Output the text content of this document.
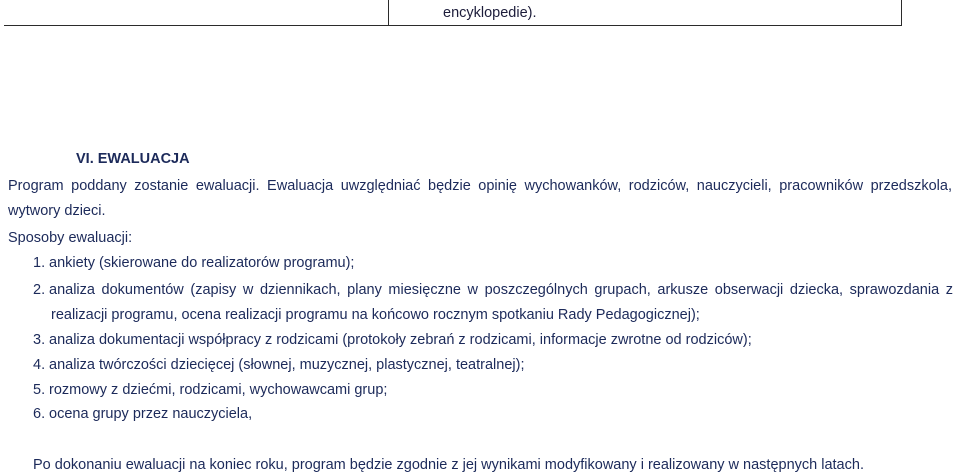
encyklopedie).
VI. EWALUACJA
Program poddany zostanie ewaluacji. Ewaluacja uwzględniać będzie opinię wychowanków, rodziców, nauczycieli, pracowników przedszkola,
wytwory dzieci.
Sposoby ewaluacji:
1. ankiety (skierowane do realizatorów programu);
2. analiza dokumentów (zapisy w dziennikach, plany miesięczne w poszczególnych grupach, arkusze obserwacji dziecka, sprawozdania z
realizacji programu, ocena realizacji programu na końcowo rocznym spotkaniu Rady Pedagogicznej);
3. analiza dokumentacji współpracy z rodzicami (protokoły zebrań z rodzicami, informacje zwrotne od rodziców);
4. analiza twórczości dziecięcej (słownej, muzycznej, plastycznej, teatralnej);
5. rozmowy z dziećmi, rodzicami, wychowawcami grup;
6. ocena grupy przez nauczyciela,
Po dokonaniu ewaluacji na koniec roku, program będzie zgodnie z jej wynikami modyfikowany i realizowany w następnych latach.
